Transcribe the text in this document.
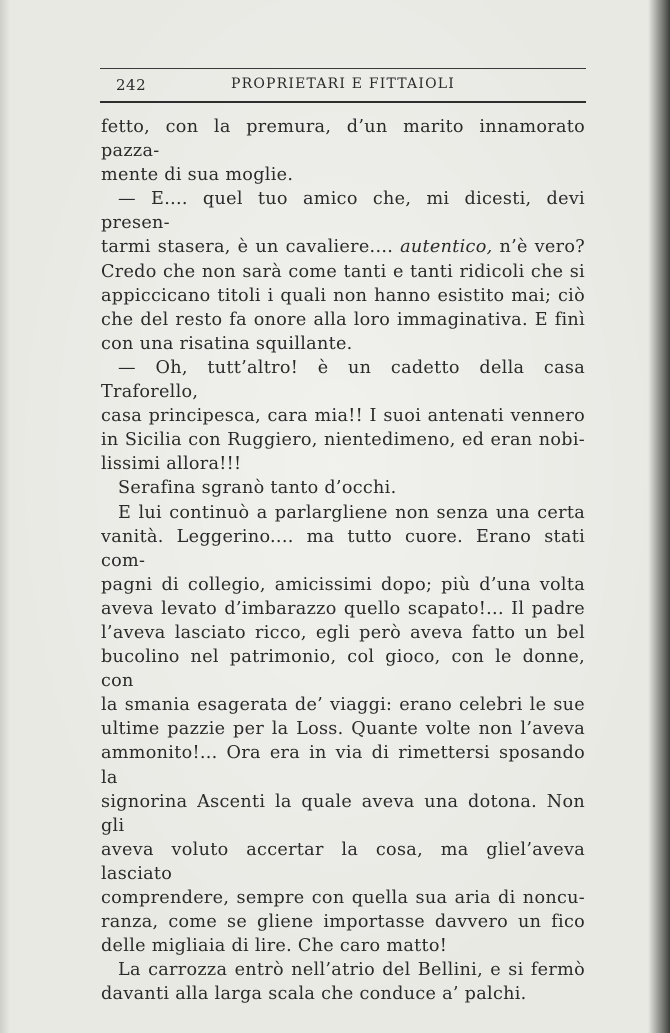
242	PROPRIETARI E FITTAIOLI

fetto, con la premura, d’un marito innamorato pazza-

mente di sua moglie.

— E.... quel tuo amico che, mi dicesti, devi presen-

tarmi stasera, è un cavaliere.... autentico, n’è vero?

Credo che non sarà come tanti e tanti ridicoli che si

appiccicano titoli i quali non hanno esistito mai; ciò

che del resto fa onore alla loro immaginativa. E finì

con una risatina squillante.

— Oh, tutt’altro! è un cadetto della casa Traforello,

casa principesca, cara mia!! I suoi antenati vennero

in Sicilia con Ruggiero, nientedimeno, ed eran nobi-

lissimi allora!!!

Serafina sgranò tanto d’occhi.

E lui continuò a parlargliene non senza una certa

vanità. Leggerino.... ma tutto cuore. Erano stati com-

pagni di collegio, amicissimi dopo; più d’una volta

aveva levato d’imbarazzo quello scapato!... Il padre

l’aveva lasciato ricco, egli però aveva fatto un bel

bucolino nel patrimonio, col gioco, con le donne, con

la smania esagerata de’ viaggi: erano celebri le sue

ultime pazzie per la Loss. Quante volte non l’aveva

ammonito!... Ora era in via di rimettersi sposando la

signorina Ascenti la quale aveva una dotona. Non gli

aveva voluto accertar la cosa, ma gliel’aveva lasciato

comprendere, sempre con quella sua aria di noncu-

ranza, come se gliene importasse davvero un fico

delle migliaia di lire. Che caro matto!

La carrozza entrò nell’atrio del Bellini, e si fermò

davanti alla larga scala che conduce a’ palchi.
